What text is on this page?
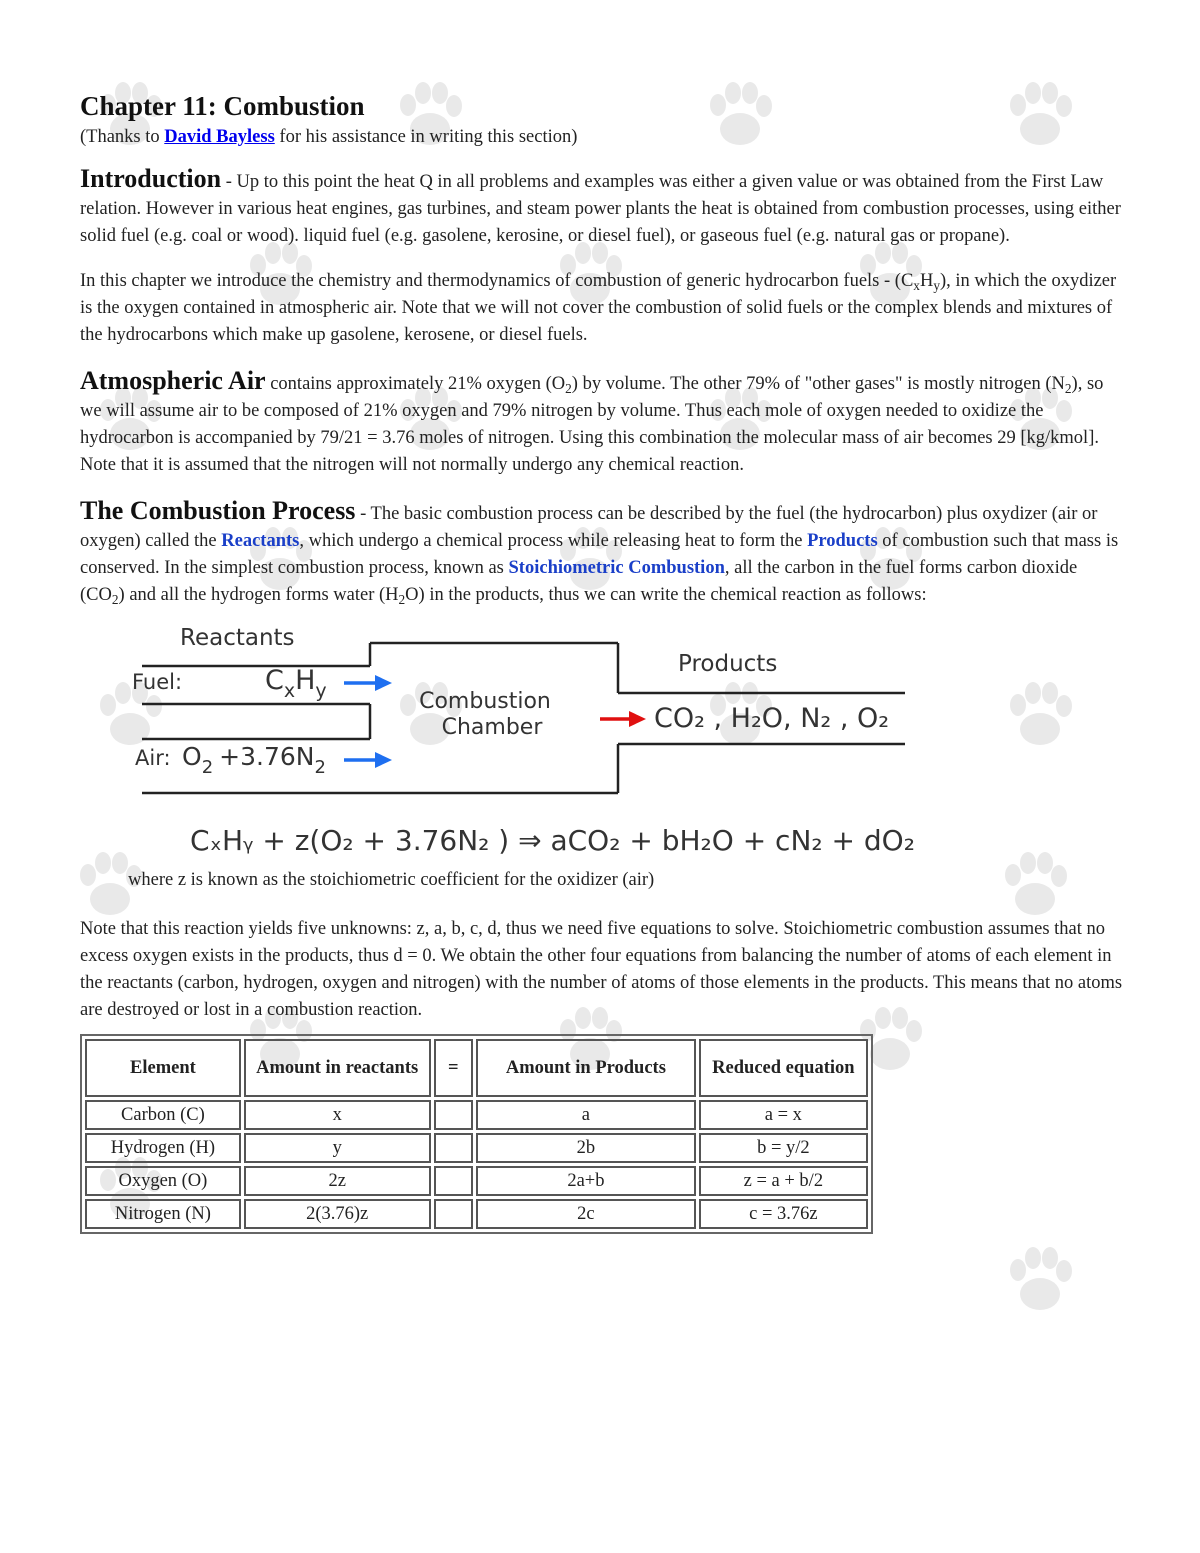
Chapter 11: Combustion
(Thanks to David Bayless for his assistance in writing this section)

Introduction - Up to this point the heat Q in all problems and examples was either a given value or was obtained from the First Law relation. However in various heat engines, gas turbines, and steam power plants the heat is obtained from combustion processes, using either solid fuel (e.g. coal or wood). liquid fuel (e.g. gasolene, kerosine, or diesel fuel), or gaseous fuel (e.g. natural gas or propane).

In this chapter we introduce the chemistry and thermodynamics of combustion of generic hydrocarbon fuels - $(C_xH_y)$, in which the oxydizer is the oxygen contained in atmospheric air. Note that we will not cover the combustion of solid fuels or the complex blends and mixtures of the hydrocarbons which make up gasolene, kerosene, or diesel fuels.

Atmospheric Air contains approximately 21% oxygen $(O_2)$ by volume. The other 79% of "other gases" is mostly nitrogen $(N_2)$, so we will assume air to be composed of 21% oxygen and 79% nitrogen by volume. Thus each mole of oxygen needed to oxidize the hydrocarbon is accompanied by 79/21 = 3.76 moles of nitrogen. Using this combination the molecular mass of air becomes 29 [kg/kmol]. Note that it is assumed that the nitrogen will not normally undergo any chemical reaction.

The Combustion Process - The basic combustion process can be described by the fuel (the hydrocarbon) plus oxydizer (air or oxygen) called the Reactants, which undergo a chemical process while releasing heat to form the Products of combustion such that mass is conserved. In the simplest combustion process, known as Stoichiometric Combustion, all the carbon in the fuel forms carbon dioxide $(CO_2)$ and all the hydrogen forms water $(H_2O)$ in the products, thus we can write the chemical reaction as follows:

Reactants
Products
Fuel:	$C_xH_y$
Air: $O_2 +3.76N_2$
Combustion
Chamber	CO₂ , H₂O, N₂ , O₂
CₓHᵧ + z(O₂ + 3.76N₂ ) ⇒ aCO₂ + bH₂O + cN₂ + dO₂
where z is known as the stoichiometric coefficient for the oxidizer (air)

Note that this reaction yields five unknowns: z, a, b, c, d, thus we need five equations to solve. Stoichiometric combustion assumes that no excess oxygen exists in the products, thus d = 0. We obtain the other four equations from balancing the number of atoms of each element in the reactants (carbon, hydrogen, oxygen and nitrogen) with the number of atoms of those elements in the products. This means that no atoms are destroyed or lost in a combustion reaction.

Element	Amount in reactants	=	Amount in Products	Reduced equation
Carbon (C)	x		a	a = x
Hydrogen (H)	y		2b	b = y/2
Oxygen (O)	2z		2a+b	z = a + b/2
Nitrogen (N)	2(3.76)z		2c	c = 3.76z
